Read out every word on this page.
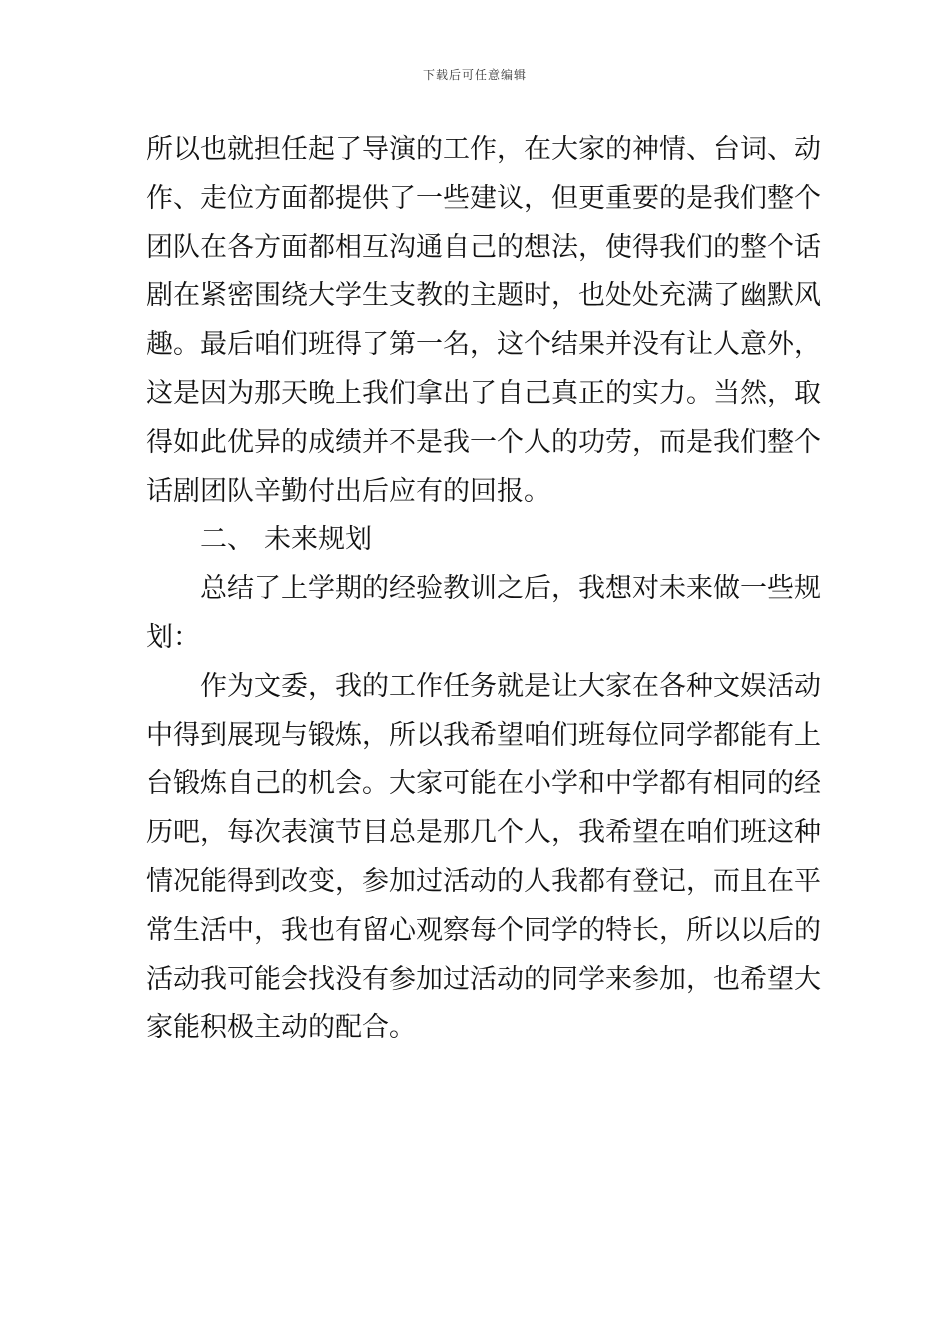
下载后可任意编辑
所以也就担任起了导演的工作，在大家的神情、台词、动
作、走位方面都提供了一些建议，但更重要的是我们整个
团队在各方面都相互沟通自己的想法，使得我们的整个话
剧在紧密围绕大学生支教的主题时，也处处充满了幽默风
趣。最后咱们班得了第一名，这个结果并没有让人意外，
这是因为那天晚上我们拿出了自己真正的实力。当然，取
得如此优异的成绩并不是我一个人的功劳，而是我们整个
话剧团队辛勤付出后应有的回报。
二、 未来规划
总结了上学期的经验教训之后，我想对未来做一些规
划：
作为文委，我的工作任务就是让大家在各种文娱活动
中得到展现与锻炼，所以我希望咱们班每位同学都能有上
台锻炼自己的机会。大家可能在小学和中学都有相同的经
历吧，每次表演节目总是那几个人，我希望在咱们班这种
情况能得到改变，参加过活动的人我都有登记，而且在平
常生活中，我也有留心观察每个同学的特长，所以以后的
活动我可能会找没有参加过活动的同学来参加，也希望大
家能积极主动的配合。
